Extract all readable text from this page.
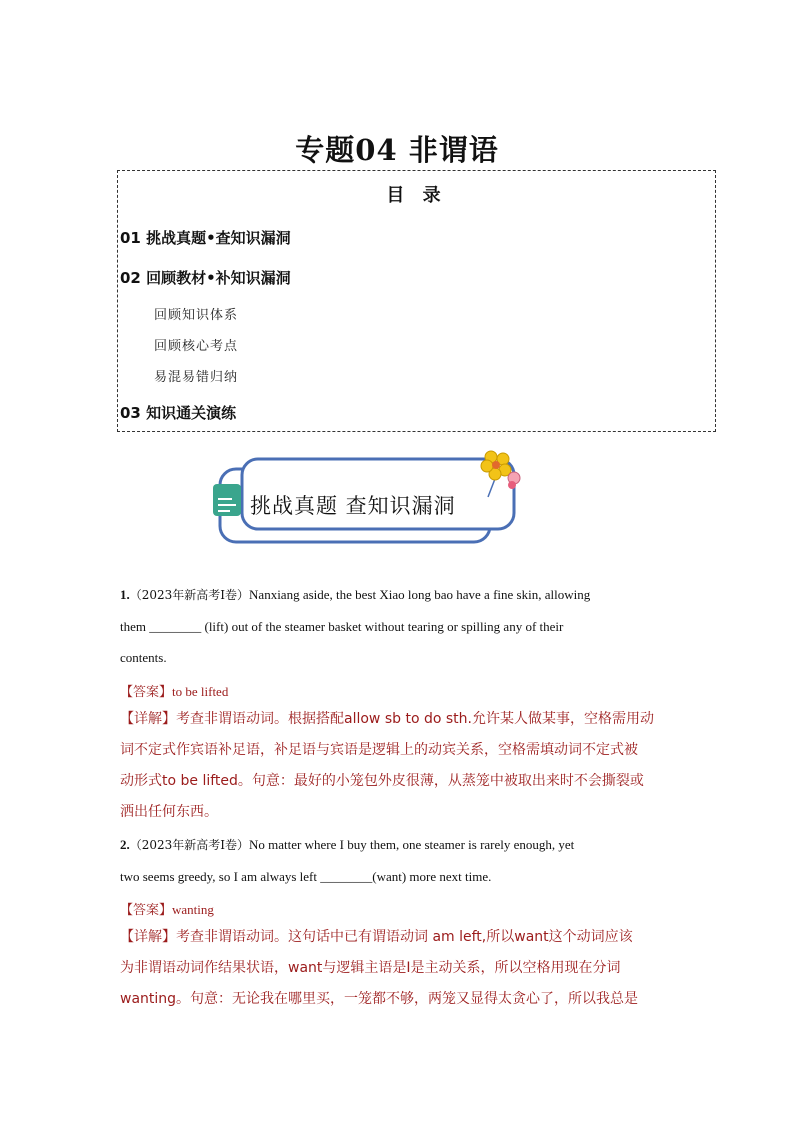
专题04 非谓语
目 录
01 挑战真题•查知识漏洞
02 回顾教材•补知识漏洞
回顾知识体系
回顾核心考点
易混易错归纳
03 知识通关演练
挑战真题 查知识漏洞
1.（2023年新高考I卷）Nanxiang aside, the best Xiao long bao have a fine skin, allowing
them ________ (lift) out of the steamer basket without tearing or spilling any of their
contents.
【答案】to be lifted
【详解】考查非谓语动词。根据搭配allow sb to do sth.允许某人做某事，空格需用动
词不定式作宾语补足语，补足语与宾语是逻辑上的动宾关系，空格需填动词不定式被
动形式to be lifted。句意：最好的小笼包外皮很薄，从蒸笼中被取出来时不会撕裂或
洒出任何东西。
2.（2023年新高考I卷）No matter where I buy them, one steamer is rarely enough, yet
two seems greedy, so I am always left ________(want) more next time.
【答案】wanting
【详解】考查非谓语动词。这句话中已有谓语动词 am left,所以want这个动词应该
为非谓语动词作结果状语，want与逻辑主语是I是主动关系，所以空格用现在分词
wanting。句意：无论我在哪里买，一笼都不够，两笼又显得太贪心了，所以我总是
